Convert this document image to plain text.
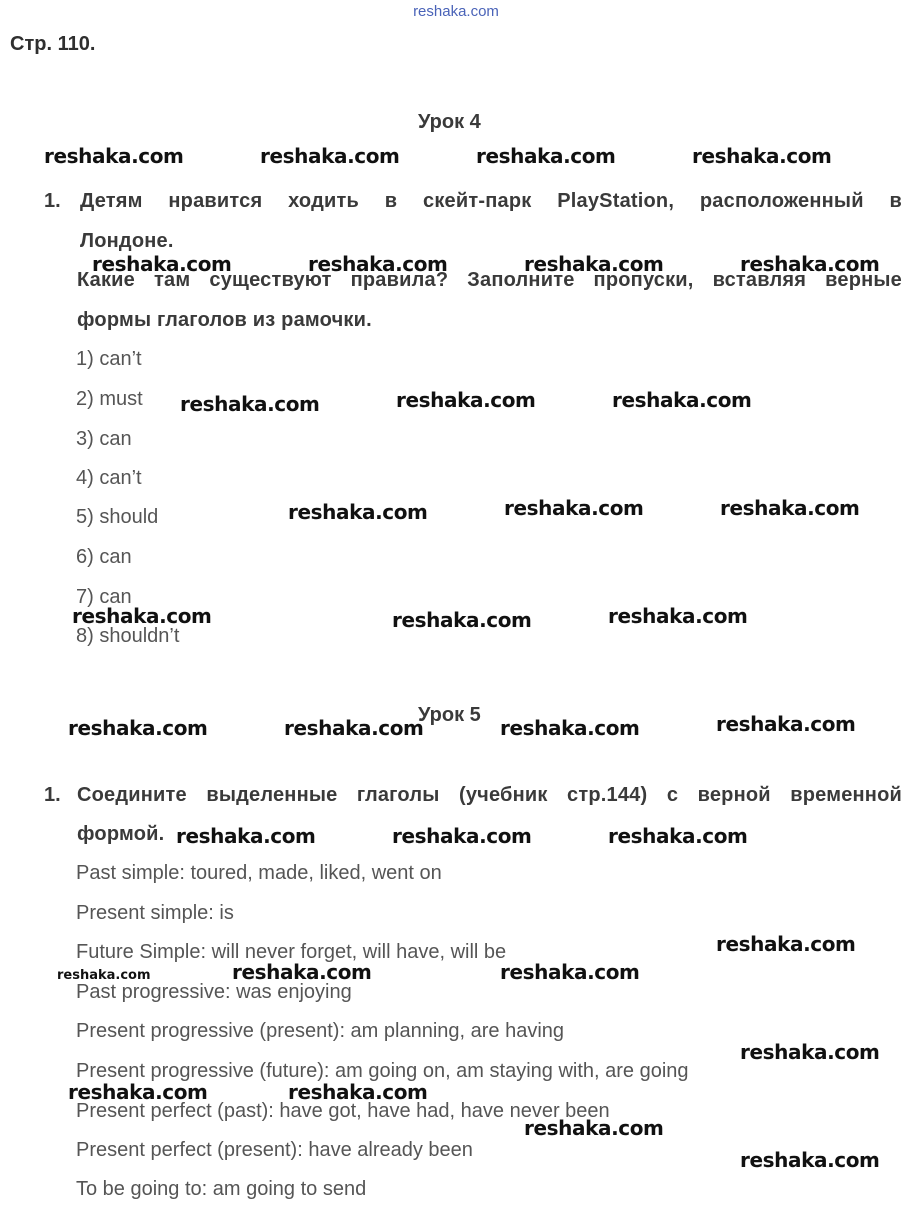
reshaka.com
Стр. 110.
Урок 4
1. Детям нравится ходить в скейт-парк PlayStation, расположенный в
Лондоне.
Какие там существуют правила? Заполните пропуски, вставляя верные
формы глаголов из рамочки.
1) can’t
2) must
3) can
4) can’t
5) should
6) can
7) can
8) shouldn’t
Урок 5
1. Соедините выделенные глаголы (учебник стр.144) с верной временной
формой.
Past simple: toured, made, liked, went on
Present simple: is
Future Simple: will never forget, will have, will be
Past progressive: was enjoying
Present progressive (present): am planning, are having
Present progressive (future): am going on, am staying with, are going
Present perfect (past): have got, have had, have never been
Present perfect (present): have already been
To be going to: am going to send
reshaka.com	reshaka.com	reshaka.com	reshaka.com
reshaka.com	reshaka.com	reshaka.com	reshaka.com
reshaka.com	reshaka.com	reshaka.com
reshaka.com	reshaka.com	reshaka.com
reshaka.com	reshaka.com	reshaka.com
reshaka.com	reshaka.com	reshaka.com	reshaka.com
reshaka.com	reshaka.com	reshaka.com
reshaka.com
reshaka.com	reshaka.com	reshaka.com
reshaka.com
reshaka.com	reshaka.com
reshaka.com
reshaka.com
